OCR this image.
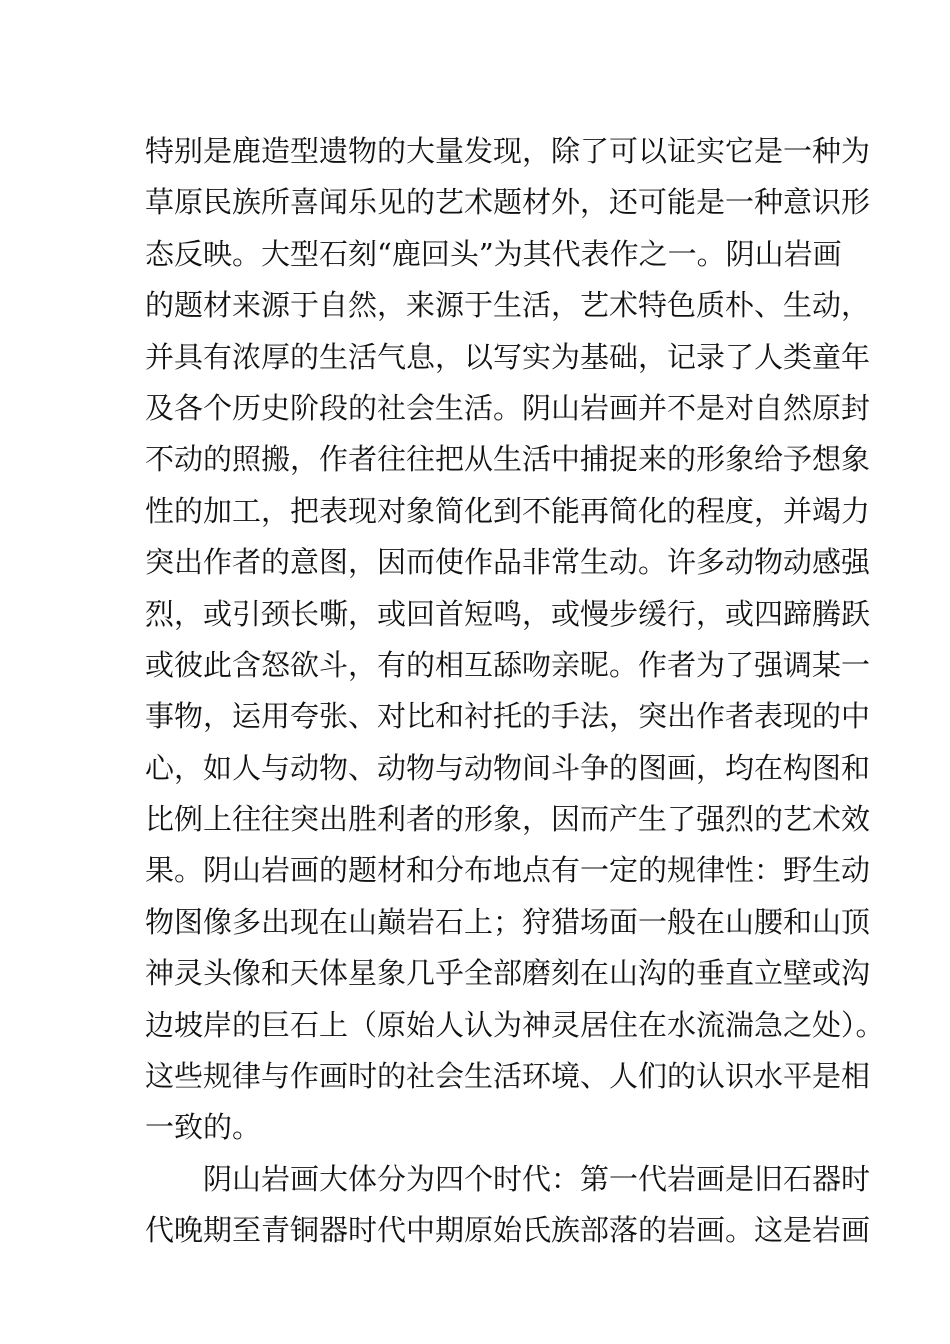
特别是鹿造型遗物的大量发现，除了可以证实它是一种为
草原民族所喜闻乐见的艺术题材外，还可能是一种意识形
态反映。大型石刻“鹿回头”为其代表作之一。阴山岩画
的题材来源于自然，来源于生活，艺术特色质朴、生动，
并具有浓厚的生活气息，以写实为基础，记录了人类童年
及各个历史阶段的社会生活。阴山岩画并不是对自然原封
不动的照搬，作者往往把从生活中捕捉来的形象给予想象
性的加工，把表现对象简化到不能再简化的程度，并竭力
突出作者的意图，因而使作品非常生动。许多动物动感强
烈，或引颈长嘶，或回首短鸣，或慢步缓行，或四蹄腾跃
或彼此含怒欲斗，有的相互舔吻亲昵。作者为了强调某一
事物，运用夸张、对比和衬托的手法，突出作者表现的中
心，如人与动物、动物与动物间斗争的图画，均在构图和
比例上往往突出胜利者的形象，因而产生了强烈的艺术效
果。阴山岩画的题材和分布地点有一定的规律性：野生动
物图像多出现在山巅岩石上；狩猎场面一般在山腰和山顶
神灵头像和天体星象几乎全部磨刻在山沟的垂直立壁或沟
边坡岸的巨石上（原始人认为神灵居住在水流湍急之处）。
这些规律与作画时的社会生活环境、人们的认识水平是相
一致的。
阴山岩画大体分为四个时代：第一代岩画是旧石器时
代晚期至青铜器时代中期原始氏族部落的岩画。这是岩画
